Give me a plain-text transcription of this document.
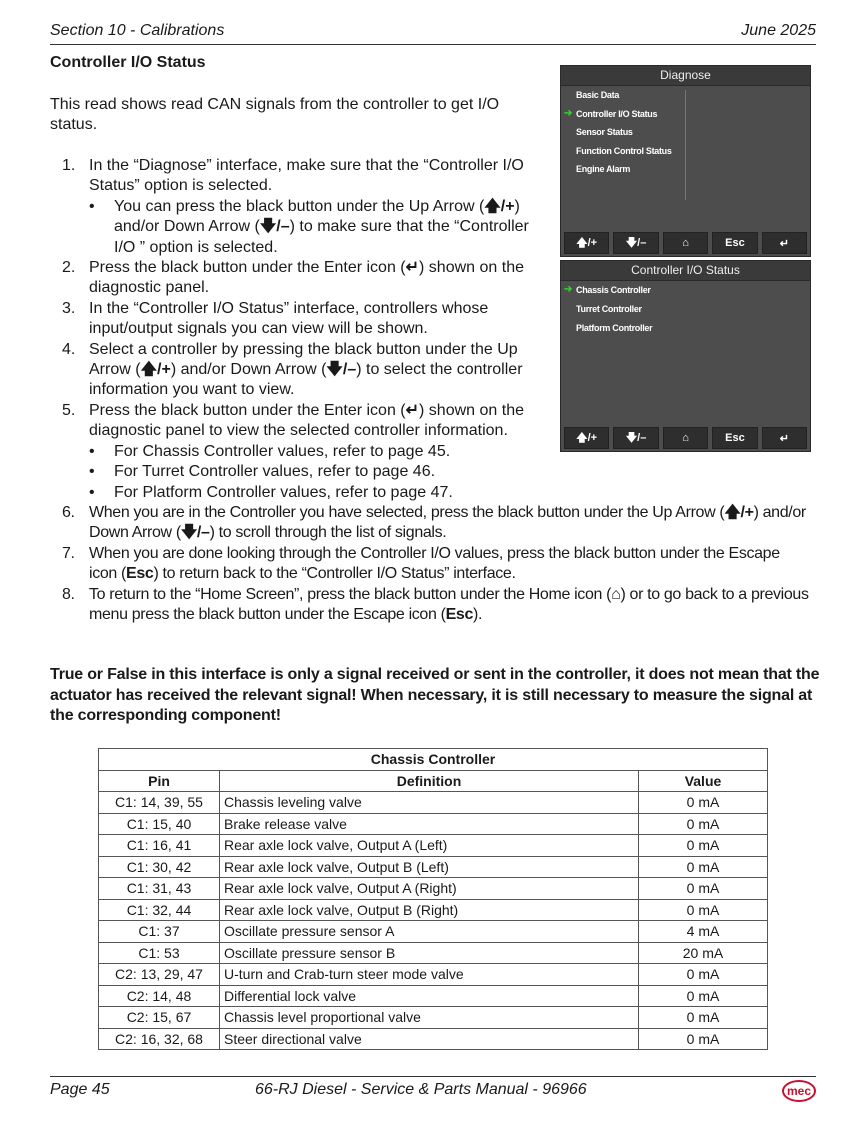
Section 10 - Calibrations	June 2025
Controller I/O Status
This read shows read CAN signals from the controller to get I/O status.
1. In the “Diagnose” interface, make sure that the “Controller I/O Status” option is selected.
• You can press the black button under the Up Arrow (🡅/+) and/or Down Arrow (🡇/–) to make sure that the “Controller I/O ” option is selected.
2. Press the black button under the Enter icon (↵) shown on the diagnostic panel.
3. In the “Controller I/O Status” interface, controllers whose input/output signals you can view will be shown.
4. Select a controller by pressing the black button under the Up Arrow (🡅/+) and/or Down Arrow (🡇/–) to select the controller information you want to view.
5. Press the black button under the Enter icon (↵) shown on the diagnostic panel to view the selected controller information.
• For Chassis Controller values, refer to page 45.
• For Turret Controller values, refer to page 46.
• For Platform Controller values, refer to page 47.
6. When you are in the Controller you have selected, press the black button under the Up Arrow (🡅/+) and/or Down Arrow (🡇/–) to scroll through the list of signals.
7. When you are done looking through the Controller I/O values, press the black button under the Escape icon (Esc) to return back to the “Controller I/O Status” interface.
8. To return to the “Home Screen”, press the black button under the Home icon (⌂) or to go back to a previous menu press the black button under the Escape icon (Esc).
Diagnose
➔
Basic Data
Controller I/O Status
Sensor Status
Function Control Status
Engine Alarm
🡅/+	🡇/–	⌂	Esc	↵
Controller I/O Status
➔ Chassis Controller
Turret Controller
Platform Controller
🡅/+	🡇/–	⌂	Esc	↵
True or False in this interface is only a signal received or sent in the controller, it does not mean that the actuator has received the relevant signal! When necessary, it is still necessary to measure the signal at the corresponding component!
Chassis Controller		
Pin	Definition	Value
C1: 14, 39, 55	Chassis leveling valve	0 mA
C1: 15, 40	Brake release valve	0 mA
C1: 16, 41	Rear axle lock valve, Output A (Left)	0 mA
C1: 30, 42	Rear axle lock valve, Output B (Left)	0 mA
C1: 31, 43	Rear axle lock valve, Output A (Right)	0 mA
C1: 32, 44	Rear axle lock valve, Output B (Right)	0 mA
C1: 37	Oscillate pressure sensor A	4 mA
C1: 53	Oscillate pressure sensor B	20 mA
C2: 13, 29, 47	U-turn and Crab-turn steer mode valve	0 mA
C2: 14, 48	Differential lock valve	0 mA
C2: 15, 67	Chassis level proportional valve	0 mA
C2: 16, 32, 68	Steer directional valve	0 mA
Page 45	66-RJ Diesel - Service & Parts Manual - 96966	mec
